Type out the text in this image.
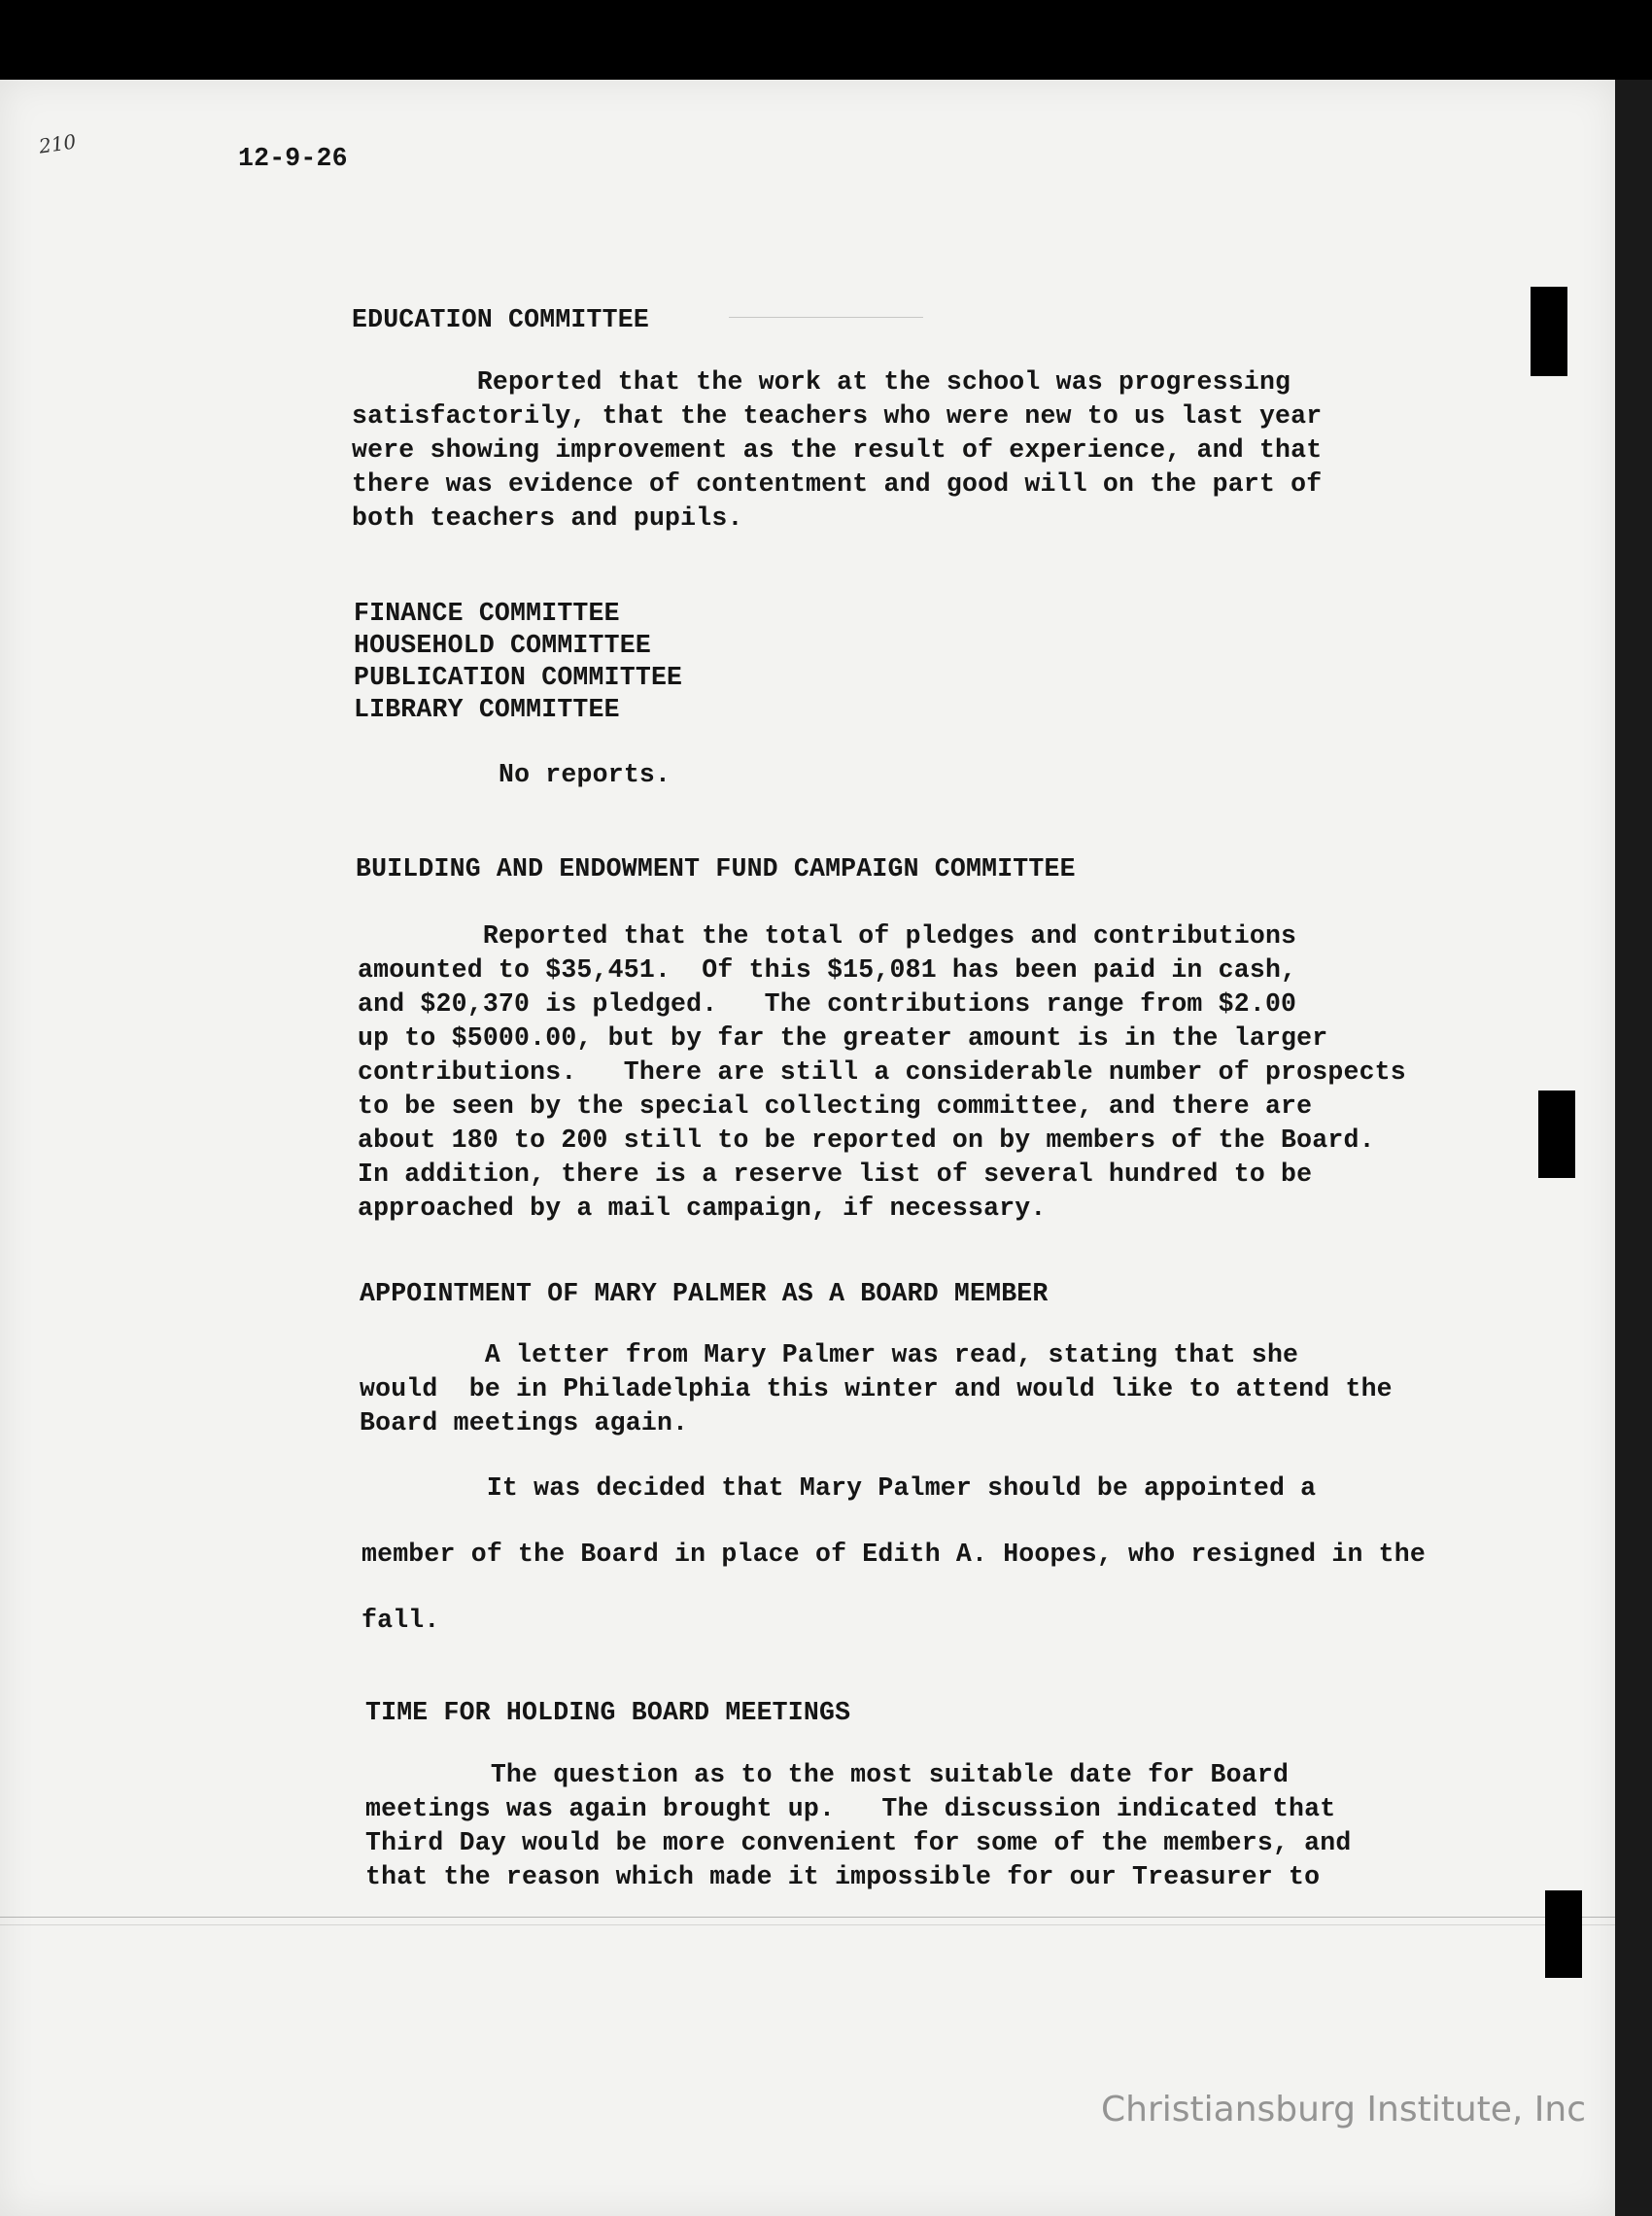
210	12-9-26
EDUCATION COMMITTEE
Reported that the work at the school was progressing
satisfactorily, that the teachers who were new to us last year
were showing improvement as the result of experience, and that
there was evidence of contentment and good will on the part of
both teachers and pupils.
FINANCE COMMITTEE
HOUSEHOLD COMMITTEE
PUBLICATION COMMITTEE
LIBRARY COMMITTEE
No reports.
BUILDING AND ENDOWMENT FUND CAMPAIGN COMMITTEE
Reported that the total of pledges and contributions
amounted to $35,451.  Of this $15,081 has been paid in cash,
and $20,370 is pledged.   The contributions range from $2.00
up to $5000.00, but by far the greater amount is in the larger
contributions.   There are still a considerable number of prospects
to be seen by the special collecting committee, and there are
about 180 to 200 still to be reported on by members of the Board.
In addition, there is a reserve list of several hundred to be
approached by a mail campaign, if necessary.
APPOINTMENT OF MARY PALMER AS A BOARD MEMBER
A letter from Mary Palmer was read, stating that she
would  be in Philadelphia this winter and would like to attend the
Board meetings again.
It was decided that Mary Palmer should be appointed a
member of the Board in place of Edith A. Hoopes, who resigned in the
fall.
TIME FOR HOLDING BOARD MEETINGS
The question as to the most suitable date for Board
meetings was again brought up.   The discussion indicated that
Third Day would be more convenient for some of the members, and
that the reason which made it impossible for our Treasurer to
Christiansburg Institute, Inc
